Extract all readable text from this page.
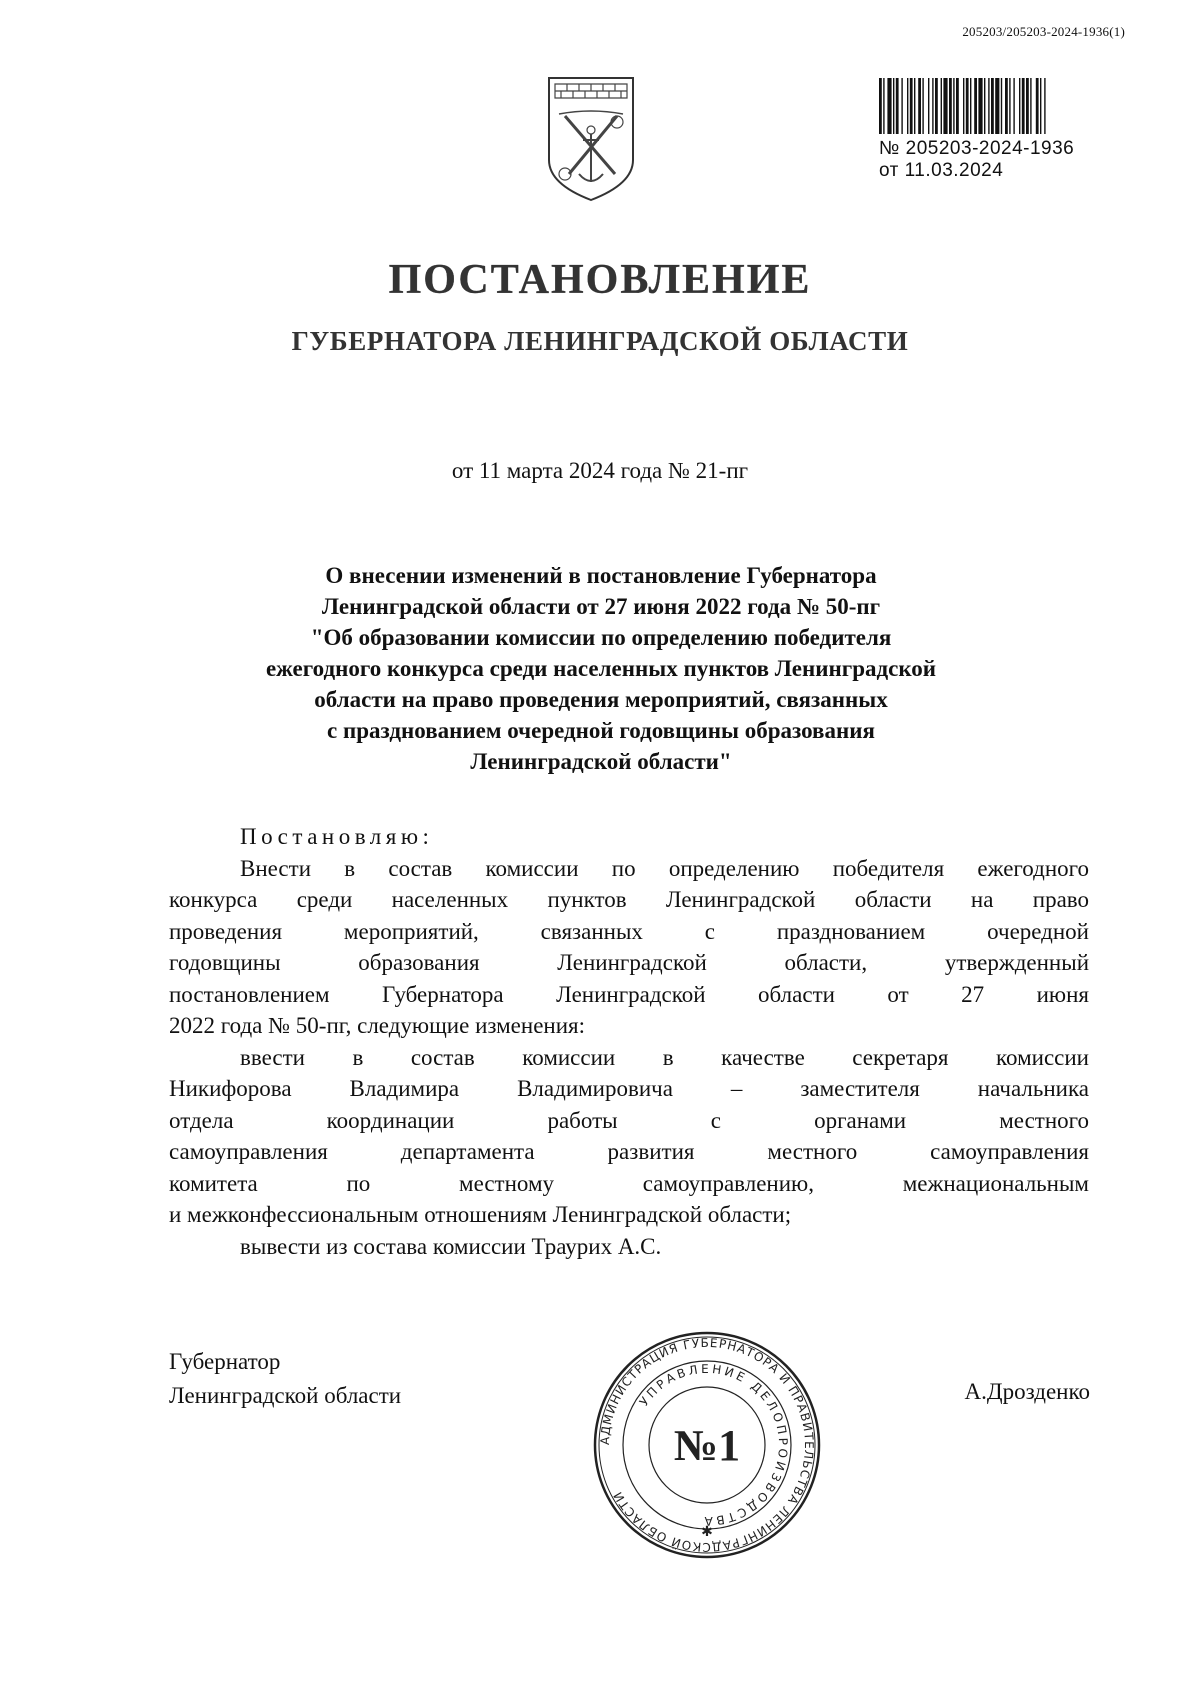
205203/205203-2024-1936(1)
№ 205203-2024-1936
от 11.03.2024
ПОСТАНОВЛЕНИЕ
ГУБЕРНАТОРА ЛЕНИНГРАДСКОЙ ОБЛАСТИ
от 11 марта 2024 года № 21-пг
О внесении изменений в постановление Губернатора
Ленинградской области от 27 июня 2022 года № 50-пг
"Об образовании комиссии по определению победителя
ежегодного конкурса среди населенных пунктов Ленинградской
области на право проведения мероприятий, связанных
с празднованием очередной годовщины образования
Ленинградской области"
Постановляю:
Внести в состав комиссии по определению победителя ежегодного
конкурса среди населенных пунктов Ленинградской области на право
проведения мероприятий, связанных с празднованием очередной
годовщины образования Ленинградской области, утвержденный
постановлением Губернатора Ленинградской области от 27 июня
2022 года № 50-пг, следующие изменения:
ввести в состав комиссии в качестве секретаря комиссии
Никифорова Владимира Владимировича – заместителя начальника
отдела координации работы с органами местного
самоуправления департамента развития местного самоуправления
комитета по местному самоуправлению, межнациональным
и межконфессиональным отношениям Ленинградской области;
вывести из состава комиссии Траурих А.С.
Губернатор
Ленинградской области	А.Дрозденко
АДМИНИСТРАЦИЯ ГУБЕРНАТОРА И ПРАВИТЕЛЬСТВА ЛЕНИНГРАДСКОЙ ОБЛАСТИ
УПРАВЛЕНИЕ ДЕЛОПРОИЗВОДСТВА
№1
✱
